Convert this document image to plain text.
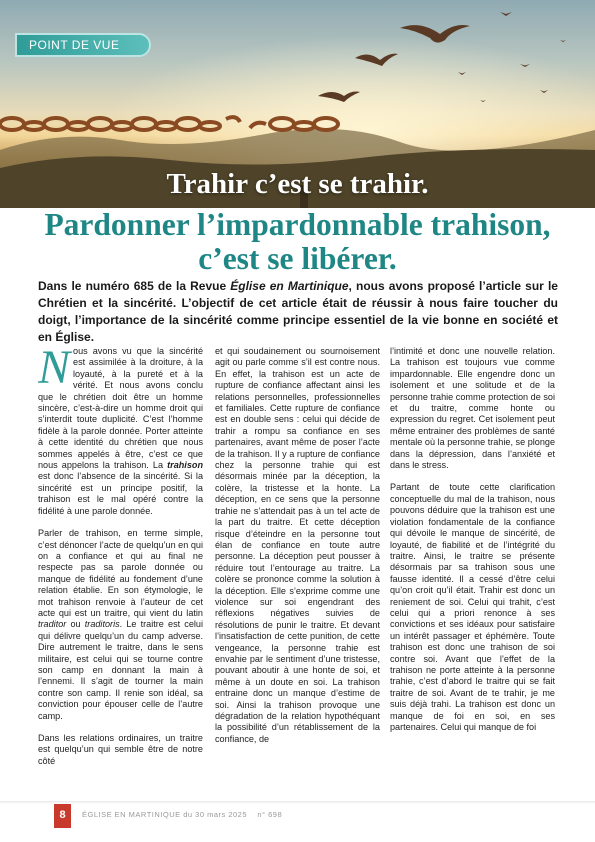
POINT DE VUE
Trahir c’est se trahir.
Pardonner l’impardonnable trahison,
c’est se libérer.

Dans le numéro 685 de la Revue Église en Martinique, nous avons proposé l’article sur le Chrétien et la sincérité. L’objectif de cet article était de réussir à nous faire toucher du doigt, l’importance de la sincérité comme principe essentiel de la vie bonne en société et en Église.

Nous avons vu que la sincérité est assimilée à la droiture, à la loyauté, à la pureté et à la vérité. Et nous avons conclu que le chrétien doit être un homme sincère, c’est-à-dire un homme droit qui s’interdit toute duplicité. C’est l’homme fidèle à la parole donnée. Porter atteinte à cette identité du chrétien que nous sommes appelés à être, c’est ce que nous appelons la trahison. La trahison est donc l’absence de la sincérité. Si la sincérité est un principe positif, la trahison est le mal opéré contre la fidélité à une parole donnée.

Parler de trahison, en terme simple, c’est dénoncer l’acte de quelqu’un en qui on a confiance et qui au final ne respecte pas sa parole donnée ou manque de fidélité au fondement d’une relation établie. En son étymologie, le mot trahison renvoie à l’auteur de cet acte qui est un traitre, qui vient du latin traditor ou traditoris. Le traitre est celui qui délivre quelqu’un du camp adverse. Dire autrement le traitre, dans le sens militaire, est celui qui se tourne contre son camp en donnant la main à l’ennemi. Il s’agit de tourner la main contre son camp. Il renie son idéal, sa conviction pour épouser celle de l’autre camp.

Dans les relations ordinaires, un traitre est quelqu’un qui semble être de notre côté

et qui soudainement ou sournoisement agit ou parle comme s’il est contre nous. En effet, la trahison est un acte de rupture de confiance affectant ainsi les relations personnelles, professionnelles et familiales. Cette rupture de confiance est en double sens : celui qui décide de trahir a rompu sa confiance en ses partenaires, avant même de poser l’acte de la trahison. Il y a rupture de confiance chez la personne trahie qui est désormais minée par la déception, la colère, la tristesse et la honte. La déception, en ce sens que la personne trahie ne s’attendait pas à un tel acte de la part du traitre. Et cette déception risque d’éteindre en la personne tout élan de confiance en toute autre personne. La déception peut pousser à réduire tout l’entourage au traitre. La colère se prononce comme la solution à la déception. Elle s’exprime comme une violence sur soi engendrant des réflexions négatives suivies de résolutions de punir le traitre. Et devant l’insatisfaction de cette punition, de cette vengeance, la personne trahie est envahie par le sentiment d’une tristesse, pouvant aboutir à une honte de soi, et même à un doute en soi. La trahison entraine donc un manque d’estime de soi. Ainsi la trahison provoque une dégradation de la relation hypothéquant la possibilité d’un rétablissement de la confiance, de

l’intimité et donc une nouvelle relation. La trahison est toujours vue comme impardonnable. Elle engendre donc un isolement et une solitude et de la personne trahie comme protection de soi et du traitre, comme honte ou expression du regret. Cet isolement peut même entrainer des problèmes de santé mentale où la personne trahie, se plonge dans la dépression, dans l’anxiété et dans le stress.

Partant de toute cette clarification conceptuelle du mal de la trahison, nous pouvons déduire que la trahison est une violation fondamentale de la confiance qui dévoile le manque de sincérité, de loyauté, de fiabilité et de l’intégrité du traitre. Ainsi, le traitre se présente désormais par sa trahison sous une fausse identité. Il a cessé d’être celui qu’on croit qu’il était. Trahir est donc un reniement de soi. Celui qui trahit, c’est celui qui a priori renonce à ses convictions et ses idéaux pour satisfaire un intérêt passager et éphémère. Toute trahison est donc une trahison de soi contre soi. Avant que l’effet de la trahison ne porte atteinte à la personne trahie, c’est d’abord le traitre qui se fait traitre de soi. Avant de te trahir, je me suis déjà trahi. La trahison est donc un manque de foi en soi, en ses partenaires. Celui qui manque de foi

8	ÉGLISE EN MARTINIQUE du 30 mars 2025 n° 698
